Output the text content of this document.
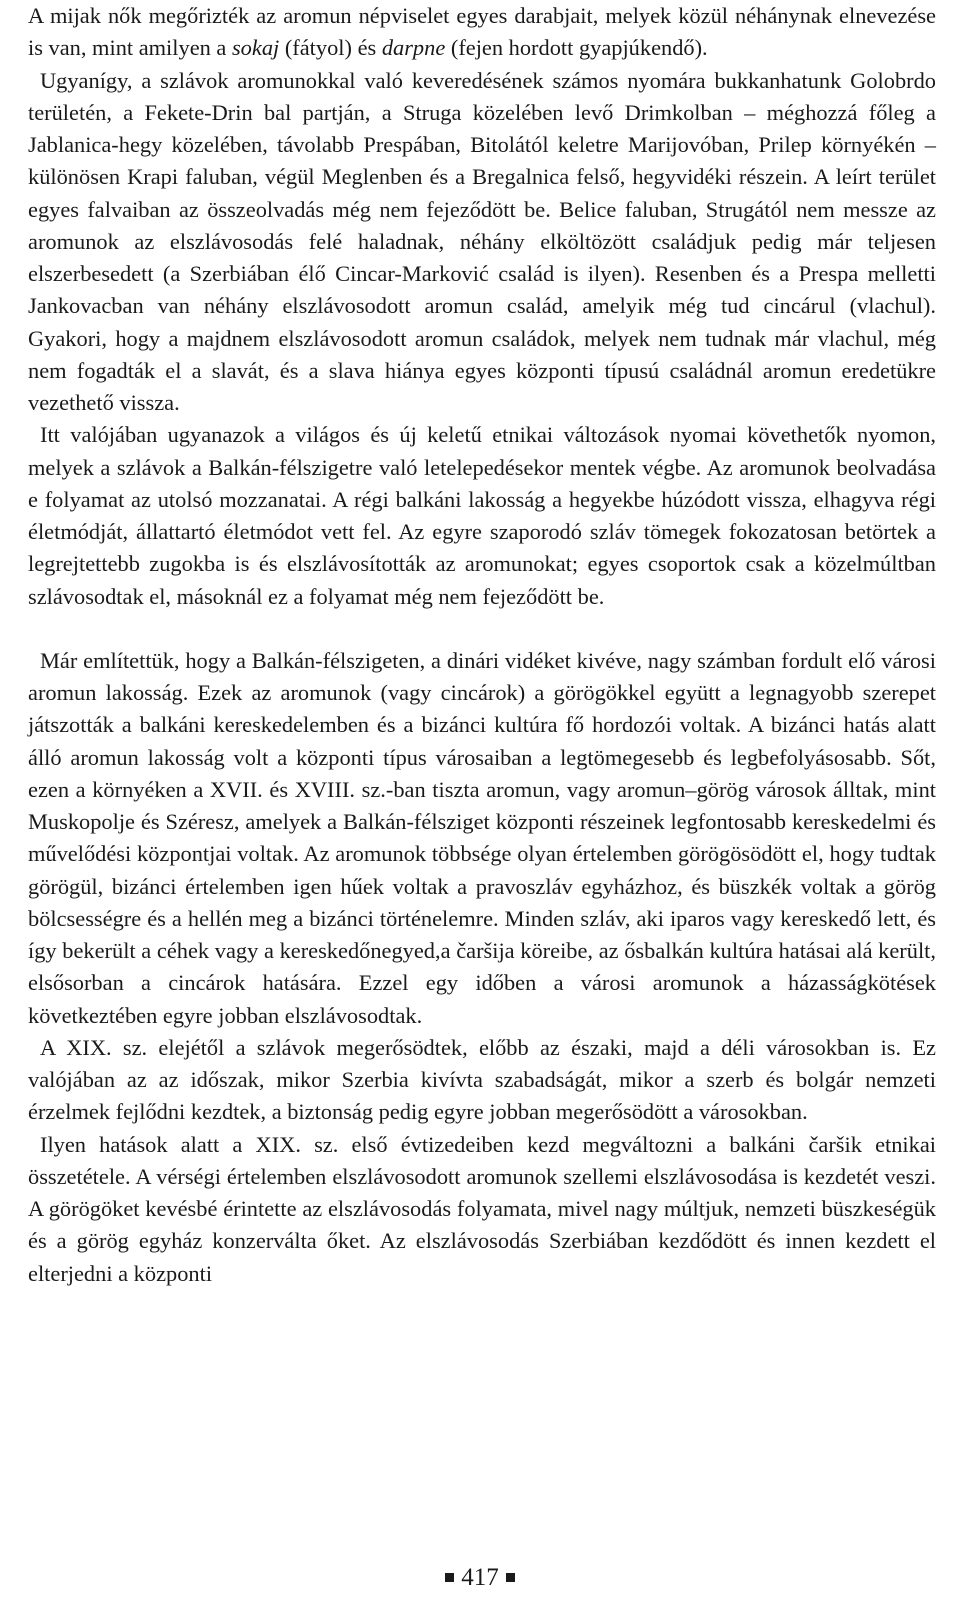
A mijak nők megőrizték az aromun népviselet egyes darabjait, melyek közül néhánynak elnevezése is van, mint amilyen a sokaj (fátyol) és darpne (fejen hordott gyapjúkendő).

Ugyanígy, a szlávok aromunokkal való keveredésének számos nyomára bukkanhatunk Golobrdo területén, a Fekete-Drin bal partján, a Struga közelében levő Drimkolban – méghozzá főleg a Jablanica-hegy közelében, távolabb Prespában, Bitolától keletre Marijovóban, Prilep környékén – különösen Krapi faluban, végül Meglenben és a Bregalnica felső, hegyvidéki részein. A leírt terület egyes falvaiban az összeolvadás még nem fejeződött be. Belice faluban, Strugától nem messze az aromunok az elszlávosodás felé haladnak, néhány elköltözött családjuk pedig már teljesen elszerbesedett (a Szerbiában élő Cincar-Marković család is ilyen). Resenben és a Prespa melletti Jankovacban van néhány elszlávosodott aromun család, amelyik még tud cincárul (vlachul). Gyakori, hogy a majdnem elszlávosodott aromun családok, melyek nem tudnak már vlachul, még nem fogadták el a slavát, és a slava hiánya egyes központi típusú családnál aromun eredetükre vezethető vissza.

Itt valójában ugyanazok a világos és új keletű etnikai változások nyomai követhetők nyomon, melyek a szlávok a Balkán-félszigetre való letelepedésekor mentek végbe. Az aromunok beolvadása e folyamat az utolsó mozzanatai. A régi balkáni lakosság a hegyekbe húzódott vissza, elhagyva régi életmódját, állattartó életmódot vett fel. Az egyre szaporodó szláv tömegek fokozatosan betörtek a legrejtettebb zugokba is és elszlávosították az aromunokat; egyes csoportok csak a közelmúltban szlávosodtak el, másoknál ez a folyamat még nem fejeződött be.

Már említettük, hogy a Balkán-félszigeten, a dinári vidéket kivéve, nagy számban fordult elő városi aromun lakosság. Ezek az aromunok (vagy cincárok) a görögökkel együtt a legnagyobb szerepet játszották a balkáni kereskedelemben és a bizánci kultúra fő hordozói voltak. A bizánci hatás alatt álló aromun lakosság volt a központi típus városaiban a legtömegesebb és legbefolyásosabb. Sőt, ezen a környéken a XVII. és XVIII. sz.-ban tiszta aromun, vagy aromun–görög városok álltak, mint Muskopolje és Széresz, amelyek a Balkán-félsziget központi részeinek legfontosabb kereskedelmi és művelődési központjai voltak. Az aromunok többsége olyan értelemben görögösödött el, hogy tudtak görögül, bizánci értelemben igen hűek voltak a pravoszláv egyházhoz, és büszkék voltak a görög bölcsességre és a hellén meg a bizánci történelemre. Minden szláv, aki iparos vagy kereskedő lett, és így bekerült a céhek vagy a kereskedőnegyed,a čaršija köreibe, az ősbalkán kultúra hatásai alá került, elsősorban a cincárok hatására. Ezzel egy időben a városi aromunok a házasságkötések következtében egyre jobban elszlávosodtak.

A XIX. sz. elejétől a szlávok megerősödtek, előbb az északi, majd a déli városokban is. Ez valójában az az időszak, mikor Szerbia kivívta szabadságát, mikor a szerb és bolgár nemzeti érzelmek fejlődni kezdtek, a biztonság pedig egyre jobban megerősödött a városokban.

Ilyen hatások alatt a XIX. sz. első évtizedeiben kezd megváltozni a balkáni čaršik etnikai összetétele. A vérségi értelemben elszlávosodott aromunok szellemi elszlávosodása is kezdetét veszi. A görögöket kevésbé érintette az elszlávosodás folyamata, mivel nagy múltjuk, nemzeti büszkeségük és a görög egyház konzerválta őket. Az elszlávosodás Szerbiában kezdődött és innen kezdett el elterjedni a központi

417
